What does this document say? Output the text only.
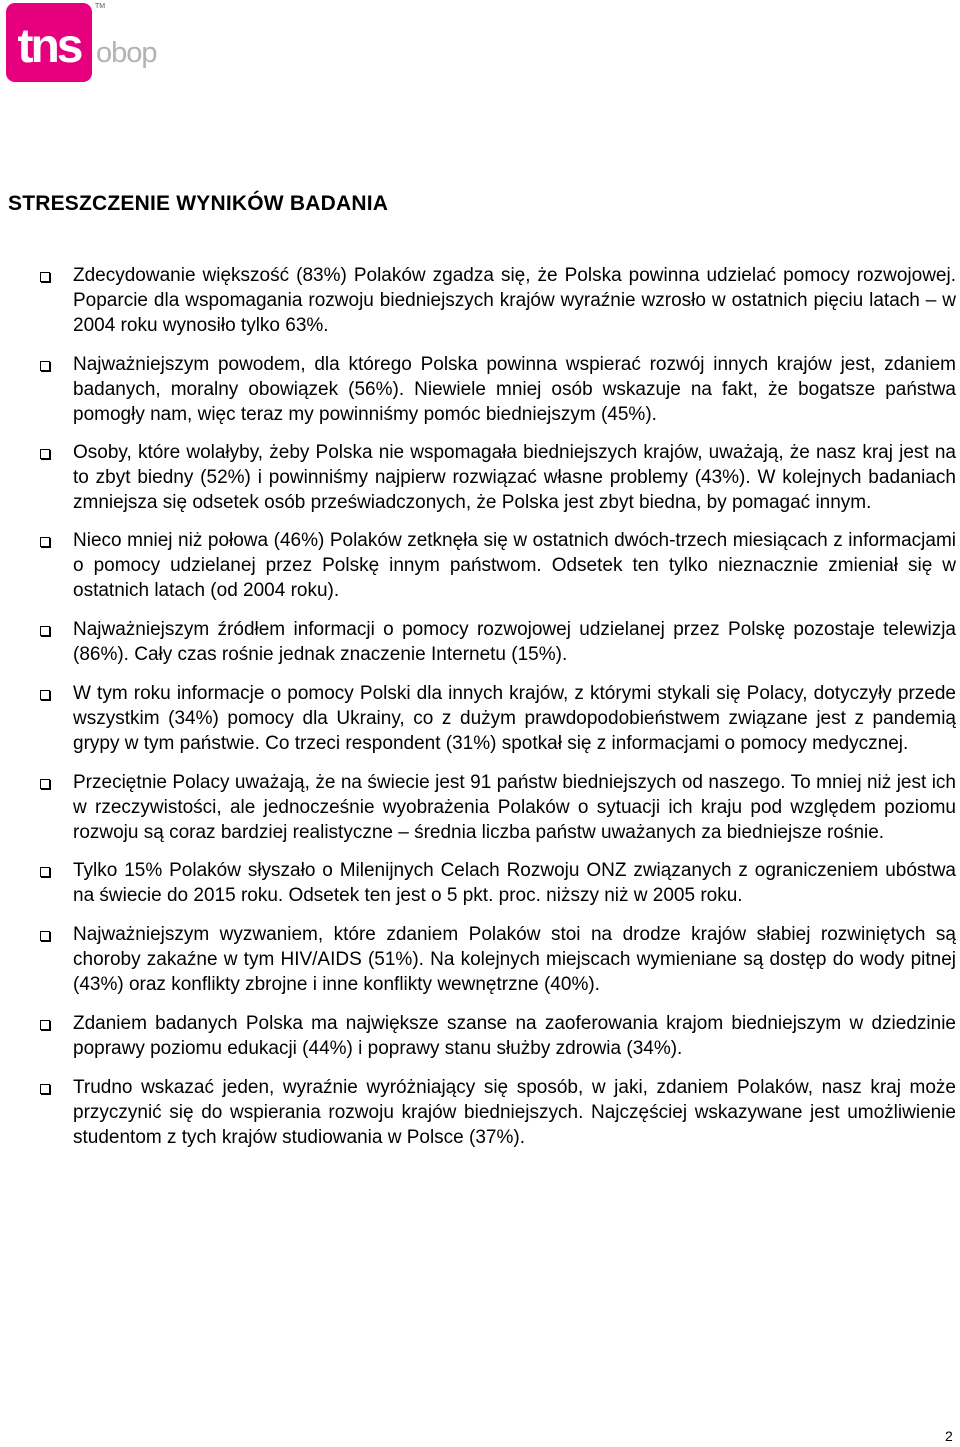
tns
TM
obop
STRESZCZENIE WYNIKÓW BADANIA
Zdecydowanie większość (83%) Polaków zgadza się, że Polska powinna udzielać pomocy rozwojowej. Poparcie dla wspomagania rozwoju biedniejszych krajów wyraźnie wzrosło w ostatnich pięciu latach – w 2004 roku wynosiło tylko 63%.
Najważniejszym powodem, dla którego Polska powinna wspierać rozwój innych krajów jest, zdaniem badanych, moralny obowiązek (56%). Niewiele mniej osób wskazuje na fakt, że bogatsze państwa pomogły nam, więc teraz my powinniśmy pomóc biedniejszym (45%).
Osoby, które wolałyby, żeby Polska nie wspomagała biedniejszych krajów, uważają, że nasz kraj jest na to zbyt biedny (52%) i powinniśmy najpierw rozwiązać własne problemy (43%). W kolejnych badaniach zmniejsza się odsetek osób przeświadczonych, że Polska jest zbyt biedna, by pomagać innym.
Nieco mniej niż połowa (46%) Polaków zetknęła się w ostatnich dwóch-trzech miesiącach z informacjami o pomocy udzielanej przez Polskę innym państwom. Odsetek ten tylko nieznacznie zmieniał się w ostatnich latach (od 2004 roku).
Najważniejszym źródłem informacji o pomocy rozwojowej udzielanej przez Polskę pozostaje telewizja (86%). Cały czas rośnie jednak znaczenie Internetu (15%).
W tym roku informacje o pomocy Polski dla innych krajów, z którymi stykali się Polacy, dotyczyły przede wszystkim (34%) pomocy dla Ukrainy, co z dużym prawdopodobieństwem związane jest z pandemią grypy w tym państwie. Co trzeci respondent (31%) spotkał się z informacjami o pomocy medycznej.
Przeciętnie Polacy uważają, że na świecie jest 91 państw biedniejszych od naszego. To mniej niż jest ich w rzeczywistości, ale jednocześnie wyobrażenia Polaków o sytuacji ich kraju pod względem poziomu rozwoju są coraz bardziej realistyczne – średnia liczba państw uważanych za biedniejsze rośnie.
Tylko 15% Polaków słyszało o Milenijnych Celach Rozwoju ONZ związanych z ograniczeniem ubóstwa na świecie do 2015 roku. Odsetek ten jest o 5 pkt. proc. niższy niż w 2005 roku.
Najważniejszym wyzwaniem, które zdaniem Polaków stoi na drodze krajów słabiej rozwiniętych są choroby zakaźne w tym HIV/AIDS (51%). Na kolejnych miejscach wymieniane są dostęp do wody pitnej (43%) oraz konflikty zbrojne i inne konflikty wewnętrzne (40%).
Zdaniem badanych Polska ma największe szanse na zaoferowania krajom biedniejszym w dziedzinie poprawy poziomu edukacji (44%) i poprawy stanu służby zdrowia (34%).
Trudno wskazać jeden, wyraźnie wyróżniający się sposób, w jaki, zdaniem Polaków, nasz kraj może przyczynić się do wspierania rozwoju krajów biedniejszych. Najczęściej wskazywane jest umożliwienie studentom z tych krajów studiowania w Polsce (37%).
2
